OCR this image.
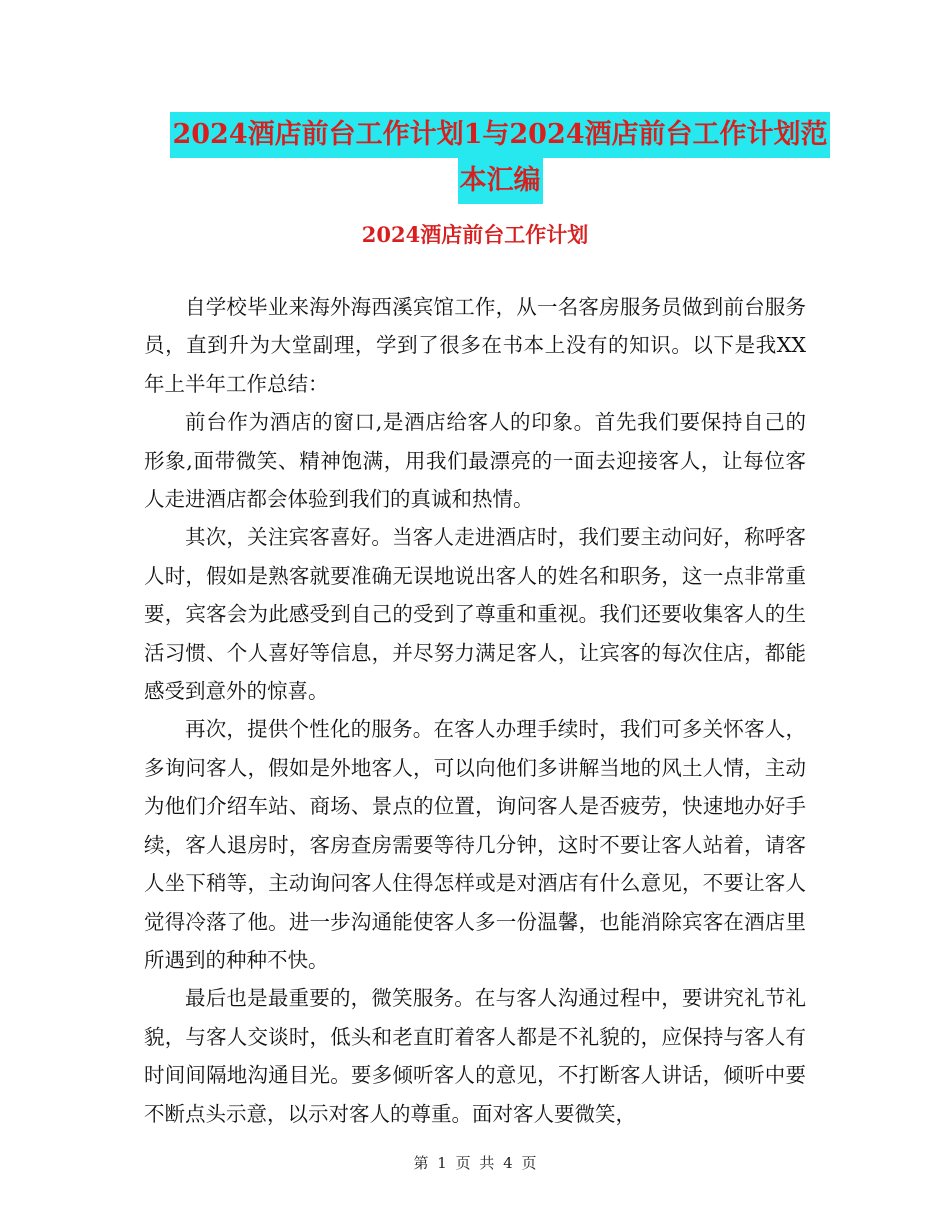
2024酒店前台工作计划1与2024酒店前台工作计划范
本汇编
2024酒店前台工作计划

自学校毕业来海外海西溪宾馆工作，从一名客房服务员做到前台服务员，直到升为大堂副理，学到了很多在书本上没有的知识。以下是我XX年上半年工作总结：

前台作为酒店的窗口,是酒店给客人的印象。首先我们要保持自己的形象,面带微笑、精神饱满，用我们最漂亮的一面去迎接客人，让每位客人走进酒店都会体验到我们的真诚和热情。

其次，关注宾客喜好。当客人走进酒店时，我们要主动问好，称呼客人时，假如是熟客就要准确无误地说出客人的姓名和职务，这一点非常重要，宾客会为此感受到自己的受到了尊重和重视。我们还要收集客人的生活习惯、个人喜好等信息，并尽努力满足客人，让宾客的每次住店，都能感受到意外的惊喜。

再次，提供个性化的服务。在客人办理手续时，我们可多关怀客人，多询问客人，假如是外地客人，可以向他们多讲解当地的风土人情，主动为他们介绍车站、商场、景点的位置，询问客人是否疲劳，快速地办好手续，客人退房时，客房查房需要等待几分钟，这时不要让客人站着，请客人坐下稍等，主动询问客人住得怎样或是对酒店有什么意见，不要让客人觉得冷落了他。进一步沟通能使客人多一份温馨，也能消除宾客在酒店里所遇到的种种不快。

最后也是最重要的，微笑服务。在与客人沟通过程中，要讲究礼节礼貌，与客人交谈时，低头和老直盯着客人都是不礼貌的，应保持与客人有时间间隔地沟通目光。要多倾听客人的意见，不打断客人讲话，倾听中要不断点头示意，以示对客人的尊重。面对客人要微笑，

第 1 页 共 4 页
